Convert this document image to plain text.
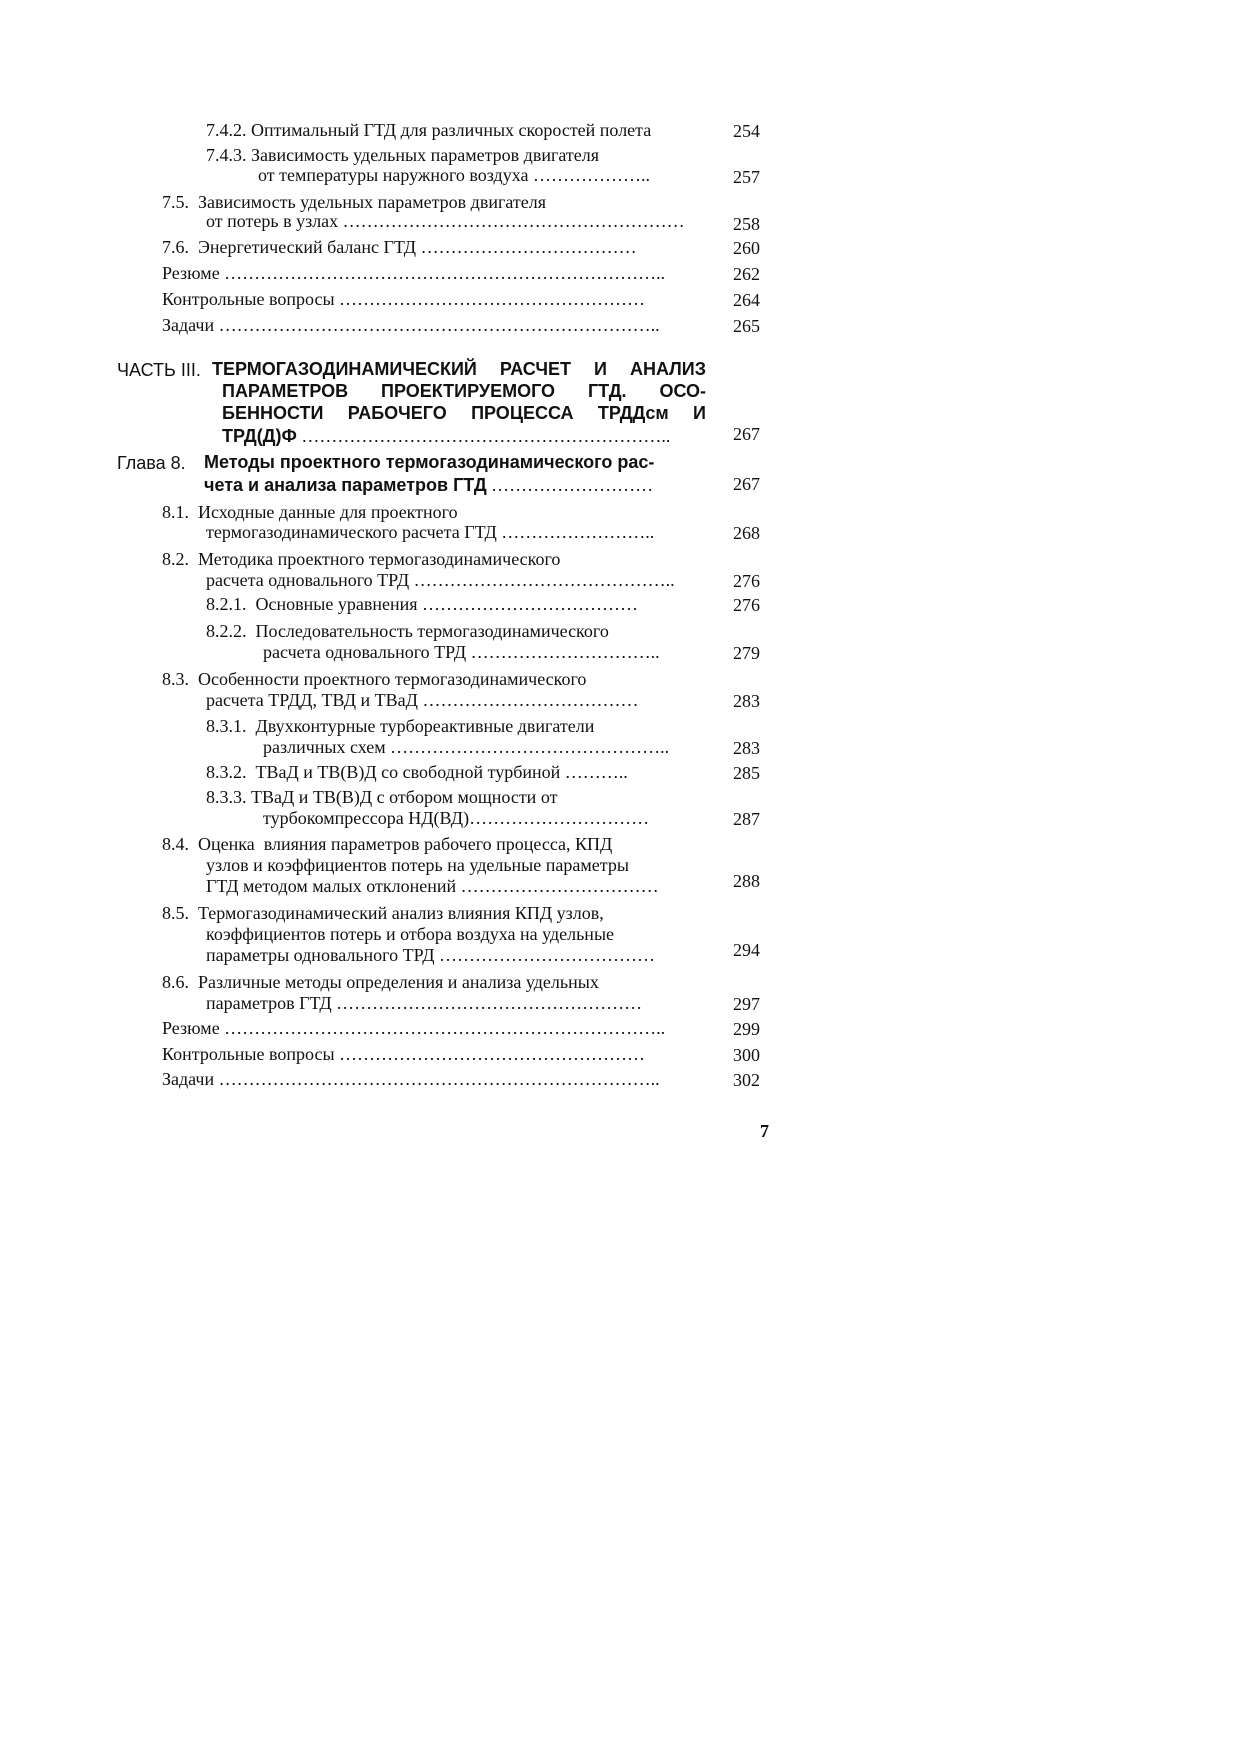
7.4.2. Оптимальный ГТД для различных скоростей полета	254
7.4.3. Зависимость удельных параметров двигателя
от температуры наружного воздуха ………………..	257
7.5.  Зависимость удельных параметров двигателя
от потерь в узлах …………………………………………………	258
7.6.  Энергетический баланс ГТД ………………………………	260
Резюме ………………………………………………………………..	262
Контрольные вопросы ……………………………………………	264
Задачи ………………………………………………………………..	265
ЧАСТЬ III. ТЕРМОГАЗОДИНАМИЧЕСКИЙ РАСЧЕТ И АНАЛИЗ
ПАРАМЕТРОВ ПРОЕКТИРУЕМОГО ГТД. ОСО-
БЕННОСТИ РАБОЧЕГО ПРОЦЕССА ТРДДсм И
ТРД(Д)Ф ……………………………………………………..	267
Глава 8. Методы проектного термогазодинамического рас-
чета и анализа параметров ГТД ………………………	267
8.1.  Исходные данные для проектного
термогазодинамического расчета ГТД ……………………..	268
8.2.  Методика проектного термогазодинамического
расчета одновального ТРД ……………………………………..	276
8.2.1.  Основные уравнения ………………………………	276
8.2.2.  Последовательность термогазодинамического
расчета одновального ТРД …………………………..	279
8.3.  Особенности проектного термогазодинамического
расчета ТРДД, ТВД и ТВаД ………………………………	283
8.3.1.  Двухконтурные турбореактивные двигатели
различных схем ………………………………………..	283
8.3.2.  ТВаД и ТВ(В)Д со свободной турбиной ………..	285
8.3.3. ТВаД и ТВ(В)Д с отбором мощности от
турбокомпрессора НД(ВД)…………………………	287
8.4.  Оценка  влияния параметров рабочего процесса, КПД
узлов и коэффициентов потерь на удельные параметры
ГТД методом малых отклонений ……………………………	288
8.5.  Термогазодинамический анализ влияния КПД узлов,
коэффициентов потерь и отбора воздуха на удельные
параметры одновального ТРД ………………………………	294
8.6.  Различные методы определения и анализа удельных
параметров ГТД ……………………………………………	297
Резюме ………………………………………………………………..	299
Контрольные вопросы ……………………………………………	300
Задачи ………………………………………………………………..	302
7
